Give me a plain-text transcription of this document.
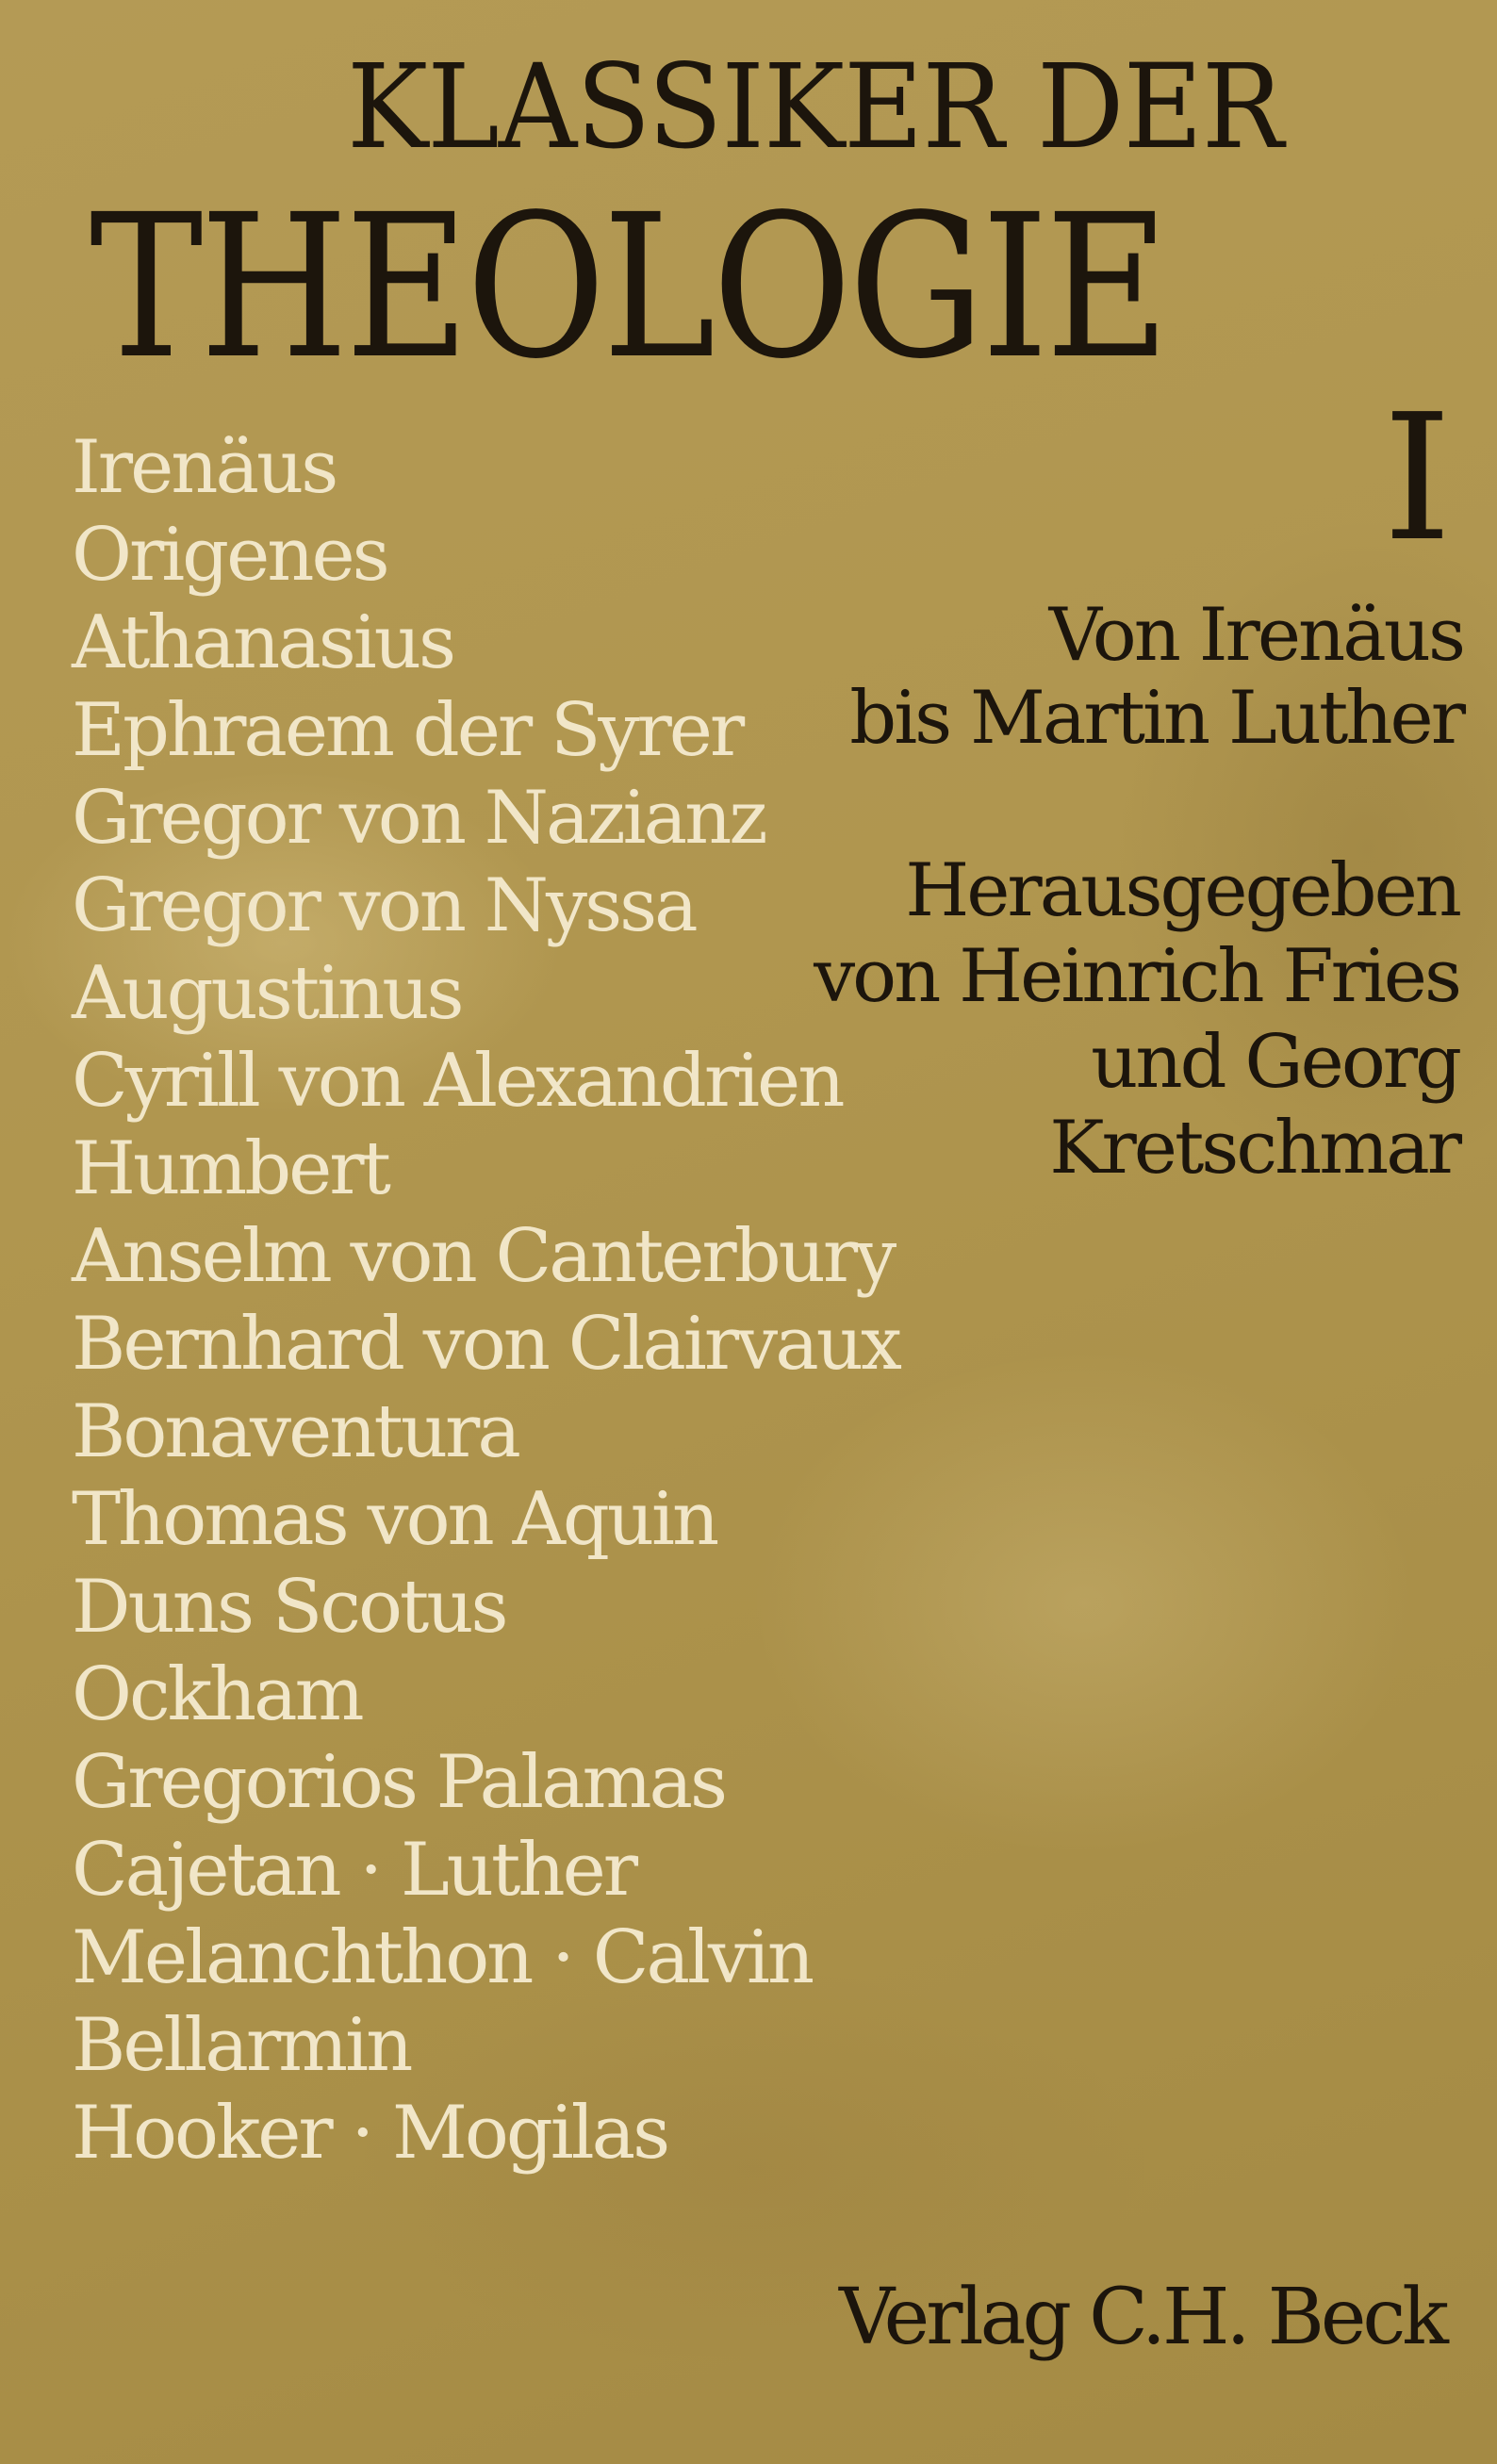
KLASSIKER DER
THEOLOGIE
I
Von Irenäus
bis Martin Luther
Herausgegeben
von Heinrich Fries
und Georg
Kretschmar
Irenäus
Origenes
Athanasius
Ephraem der Syrer
Gregor von Nazianz
Gregor von Nyssa
Augustinus
Cyrill von Alexandrien
Humbert
Anselm von Canterbury
Bernhard von Clairvaux
Bonaventura
Thomas von Aquin
Duns Scotus
Ockham
Gregorios Palamas
Cajetan · Luther
Melanchthon · Calvin
Bellarmin
Hooker · Mogilas
Verlag C.H. Beck
